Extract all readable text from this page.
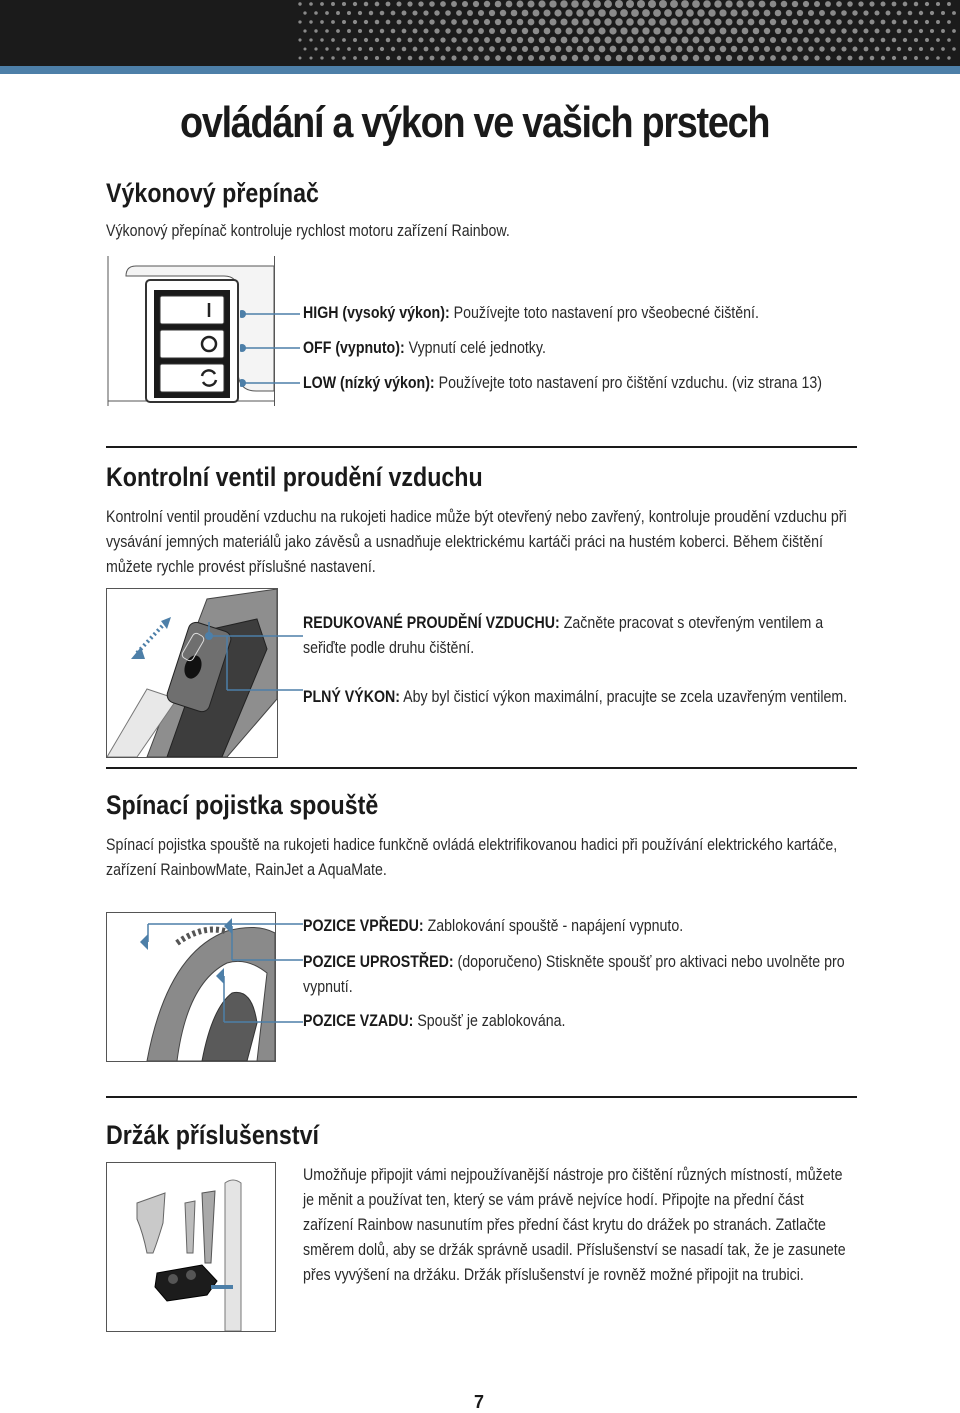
ovládání a výkon ve vašich prstech
Výkonový přepínač
Výkonový přepínač kontroluje rychlost motoru zařízení Rainbow.
HIGH (vysoký výkon): Používejte toto nastavení pro všeobecné čištění.
OFF (vypnuto): Vypnutí celé jednotky.
LOW (nízký výkon): Používejte toto nastavení pro čištění vzduchu. (viz strana 13)
Kontrolní ventil proudění vzduchu
Kontrolní ventil proudění vzduchu na rukojeti hadice může být otevřený nebo zavřený, kontroluje proudění vzduchu při vysávání jemných materiálů jako závěsů a usnadňuje elektrickému kartáči práci na hustém koberci. Během čištění můžete rychle provést příslušné nastavení.
REDUKOVANÉ PROUDĚNÍ VZDUCHU: Začněte pracovat s otevřeným ventilem a seřiďte podle druhu čištění.
PLNÝ VÝKON: Aby byl čisticí výkon maximální, pracujte se zcela uzavřeným ventilem.
Spínací pojistka spouště
Spínací pojistka spouště na rukojeti hadice funkčně ovládá elektrifikovanou hadici při používání elektrického kartáče, zařízení RainbowMate, RainJet a AquaMate.
POZICE VPŘEDU: Zablokování spouště - napájení vypnuto.
POZICE UPROSTŘED: (doporučeno) Stiskněte spoušť pro aktivaci nebo uvolněte pro vypnutí.
POZICE VZADU: Spoušť je zablokována.
Držák příslušenství
Umožňuje připojit vámi nejpoužívanější nástroje pro čištění různých místností, můžete je měnit a používat ten, který se vám právě nejvíce hodí. Připojte na přední část zařízení Rainbow nasunutím přes přední část krytu do drážek po stranách. Zatlačte směrem dolů, aby se držák správně usadil. Příslušenství se nasadí tak, že je zasunete přes vyvýšení na držáku. Držák příslušenství je rovněž možné připojit na trubici.
7
